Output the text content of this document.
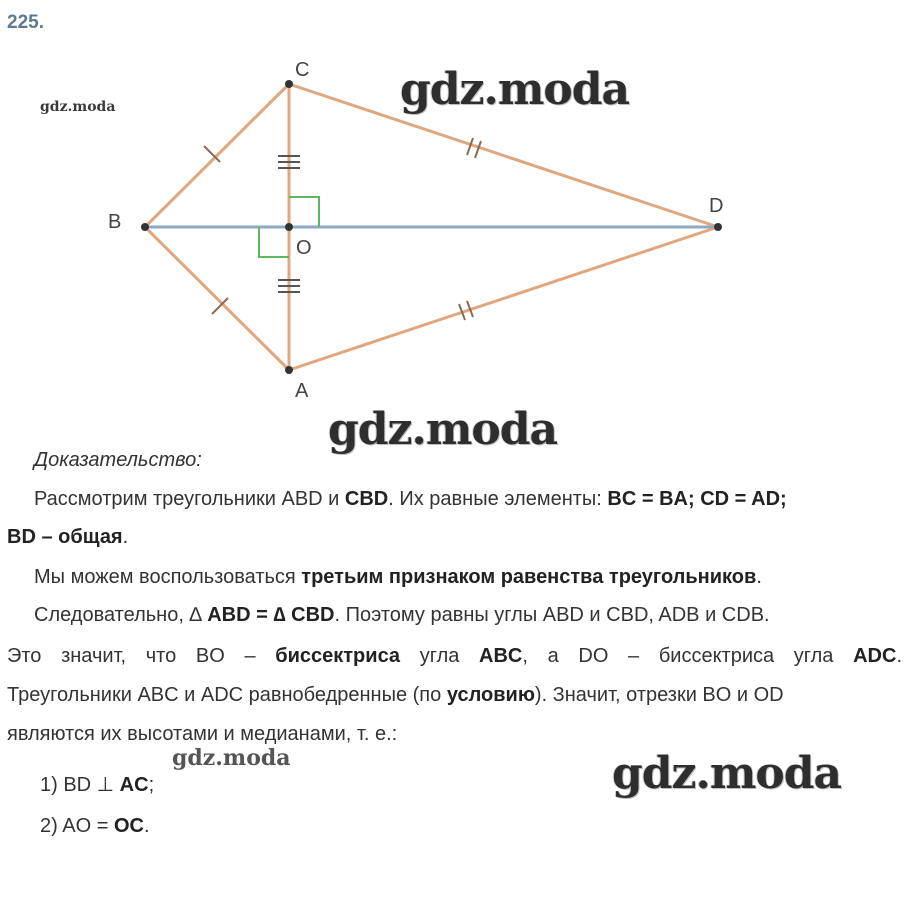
225.
C
B
O
D
A
gdz.moda	gdz.moda
gdz.moda
gdz.moda	gdz.moda
Доказательство:
Рассмотрим треугольники ABD и CBD. Их равные элементы: BC = BA; CD = AD;
BD – общая.
Мы можем воспользоваться третьим признаком равенства треугольников.
Следовательно, ∆ ABD = ∆ CBD. Поэтому равны углы ABD и CBD, ADB и CDB.
Это значит, что BO – биссектриса угла ABC, а DO – биссектриса угла ADC.
Треугольники ABC и ADC равнобедренные (по условию). Значит, отрезки BO и OD
являются их высотами и медианами, т. е.:
1) BD ⊥ AC;
2) AO = OC.
